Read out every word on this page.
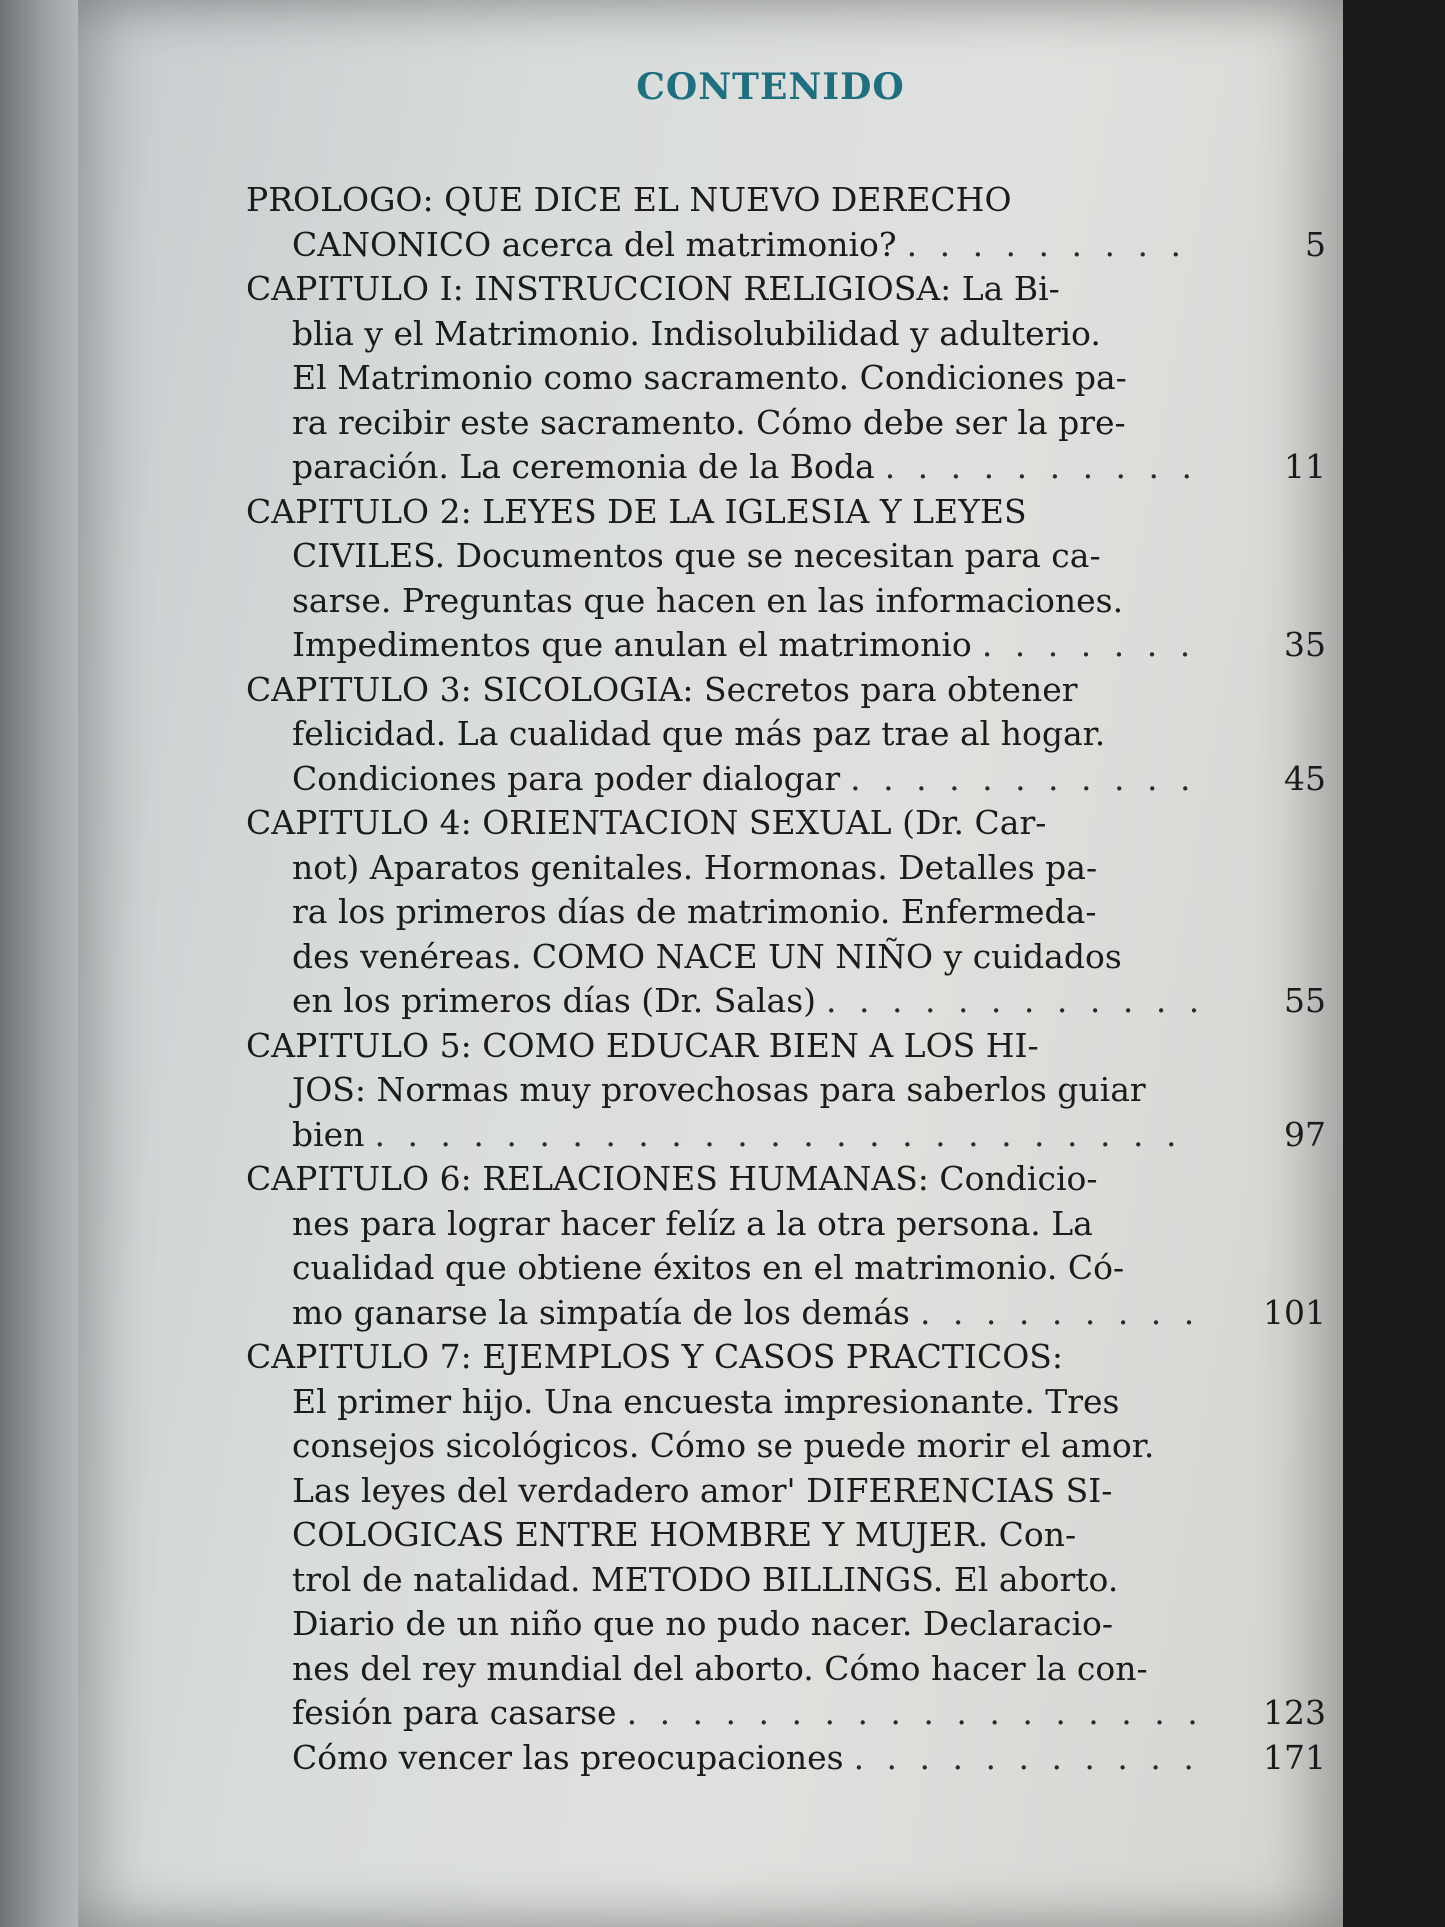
CONTENIDO
PROLOGO: QUE DICE EL NUEVO DERECHO
CANONICO acerca del matrimonio? . . .	5
CAPITULO I: INSTRUCCION RELIGIOSA: La Bi-
blia y el Matrimonio. Indisolubilidad y adulterio.
El Matrimonio como sacramento. Condiciones pa-
ra recibir este sacramento. Cómo debe ser la pre-
paración. La ceremonia de la Boda . . .	11
CAPITULO 2: LEYES DE LA IGLESIA Y LEYES
CIVILES. Documentos que se necesitan para ca-
sarse. Preguntas que hacen en las informaciones.
Impedimentos que anulan el matrimonio . . .	35
CAPITULO 3: SICOLOGIA: Secretos para obtener
felicidad. La cualidad que más paz trae al hogar.
Condiciones para poder dialogar . . .	45
CAPITULO 4: ORIENTACION SEXUAL (Dr. Car-
not) Aparatos genitales. Hormonas. Detalles pa-
ra los primeros días de matrimonio. Enfermeda-
des venéreas. COMO NACE UN NIÑO y cuidados
en los primeros días (Dr. Salas) . . .	55
CAPITULO 5: COMO EDUCAR BIEN A LOS HI-
JOS: Normas muy provechosas para saberlos guiar
bien . . .	97
CAPITULO 6: RELACIONES HUMANAS: Condicio-
nes para lograr hacer felíz a la otra persona. La
cualidad que obtiene éxitos en el matrimonio. Có-
mo ganarse la simpatía de los demás . . .	101
CAPITULO 7: EJEMPLOS Y CASOS PRACTICOS:
El primer hijo. Una encuesta impresionante. Tres
consejos sicológicos. Cómo se puede morir el amor.
Las leyes del verdadero amor' DIFERENCIAS SI-
COLOGICAS ENTRE HOMBRE Y MUJER. Con-
trol de natalidad. METODO BILLINGS. El aborto.
Diario de un niño que no pudo nacer. Declaracio-
nes del rey mundial del aborto. Cómo hacer la con-
fesión para casarse . . .	123
Cómo vencer las preocupaciones . . .	171
